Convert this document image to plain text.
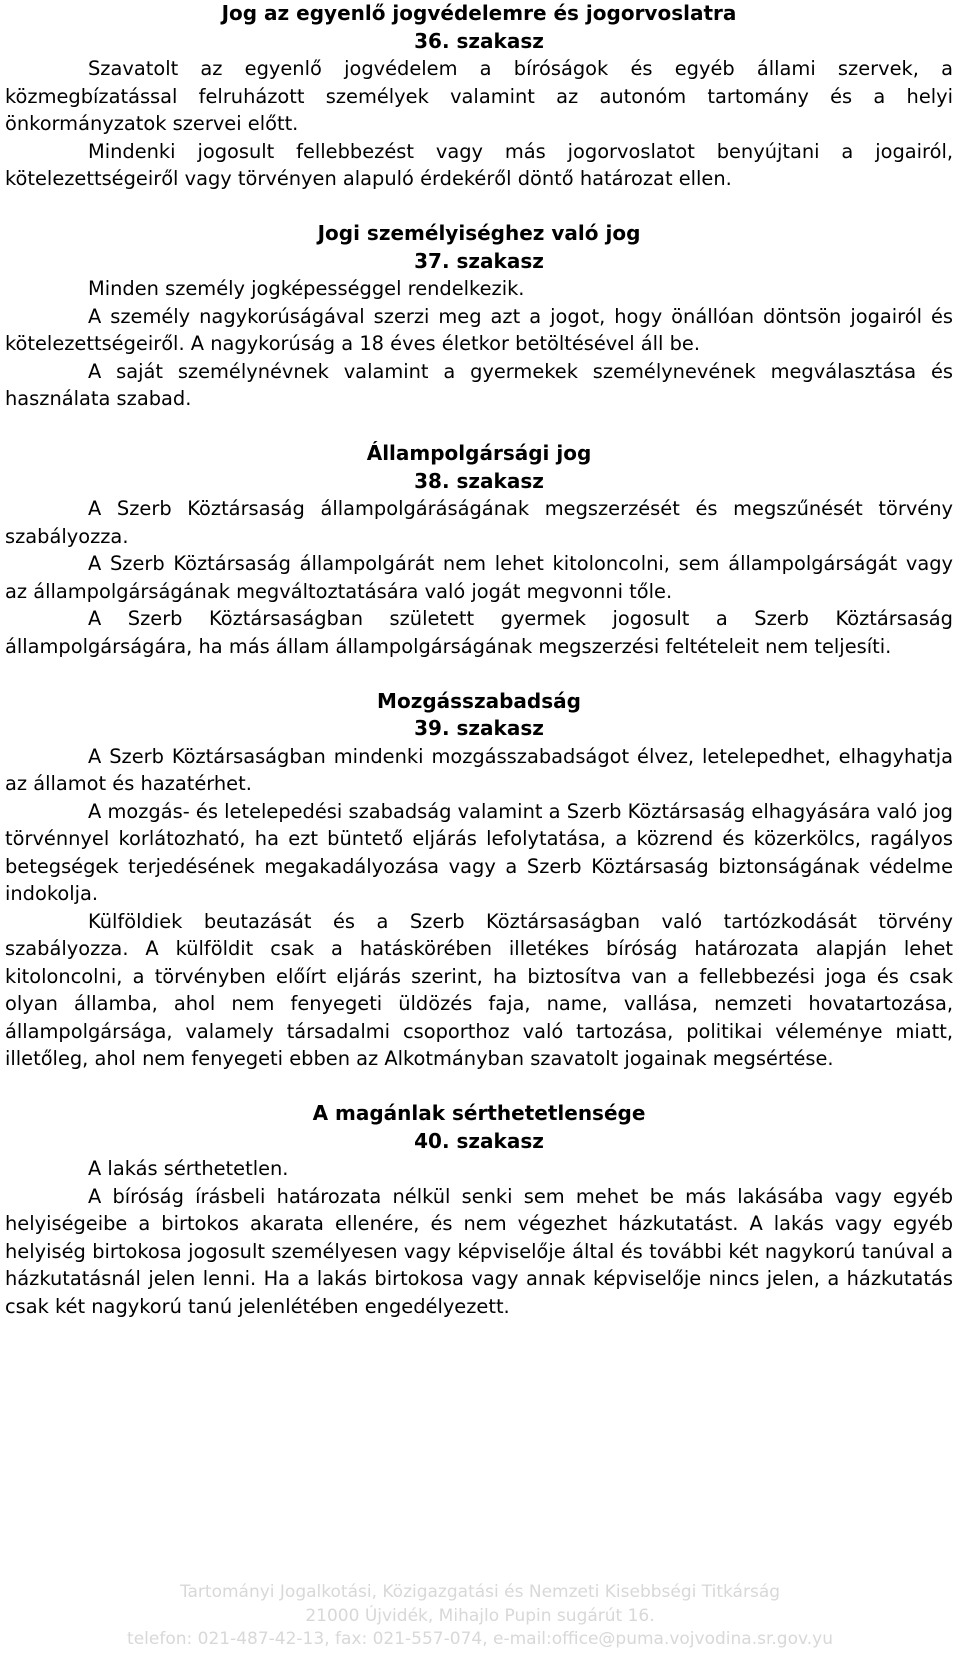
Jog az egyenlő jogvédelemre és jogorvoslatra
36. szakasz

Szavatolt az egyenlő jogvédelem a bíróságok és egyéb állami szervek, a közmegbízatással felruházott személyek valamint az autonóm tartomány és a helyi önkormányzatok szervei előtt.

Mindenki jogosult fellebbezést vagy más jogorvoslatot benyújtani a jogairól, kötelezettségeiről vagy törvényen alapuló érdekéről döntő határozat ellen.

Jogi személyiséghez való jog
37. szakasz

Minden személy jogképességgel rendelkezik.

A személy nagykorúságával szerzi meg azt a jogot, hogy önállóan döntsön jogairól és kötelezettségeiről. A nagykorúság a 18 éves életkor betöltésével áll be.

A saját személynévnek valamint a gyermekek személynevének megválasztása és használata szabad.

Állampolgársági jog
38. szakasz

A Szerb Köztársaság állampolgáráságának megszerzését és megszűnését törvény szabályozza.

A Szerb Köztársaság állampolgárát nem lehet kitoloncolni, sem állampolgárságát vagy az állampolgárságának megváltoztatására való jogát megvonni tőle.

A Szerb Köztársaságban született gyermek jogosult a Szerb Köztársaság állampolgárságára, ha más állam állampolgárságának megszerzési feltételeit nem teljesíti.

Mozgásszabadság
39. szakasz

A Szerb Köztársaságban mindenki mozgásszabadságot élvez, letelepedhet, elhagyhatja az államot és hazatérhet.

A mozgás- és letelepedési szabadság valamint a Szerb Köztársaság elhagyására való jog törvénnyel korlátozható, ha ezt büntető eljárás lefolytatása, a közrend és közerkölcs, ragályos betegségek terjedésének megakadályozása vagy a Szerb Köztársaság biztonságának védelme indokolja.

Külföldiek beutazását és a Szerb Köztársaságban való tartózkodását törvény szabályozza. A külföldit csak a hatáskörében illetékes bíróság határozata alapján lehet kitoloncolni, a törvényben előírt eljárás szerint, ha biztosítva van a fellebbezési joga és csak olyan államba, ahol nem fenyegeti üldözés faja, name, vallása, nemzeti hovatartozása, állampolgársága, valamely társadalmi csoporthoz való tartozása, politikai véleménye miatt, illetőleg, ahol nem fenyegeti ebben az Alkotmányban szavatolt jogainak megsértése.

A magánlak sérthetetlensége
40. szakasz

A lakás sérthetetlen.

A bíróság írásbeli határozata nélkül senki sem mehet be más lakásába vagy egyéb helyiségeibe a birtokos akarata ellenére, és nem végezhet házkutatást. A lakás vagy egyéb helyiség birtokosa jogosult személyesen vagy képviselője által és további két nagykorú tanúval a házkutatásnál jelen lenni. Ha a lakás birtokosa vagy annak képviselője nincs jelen, a házkutatás csak két nagykorú tanú jelenlétében engedélyezett.

Tartományi Jogalkotási, Közigazgatási és Nemzeti Kisebbségi Titkárság
21000 Újvidék, Mihajlo Pupin sugárút 16.
telefon: 021-487-42-13, fax: 021-557-074, e-mail:office@puma.vojvodina.sr.gov.yu
